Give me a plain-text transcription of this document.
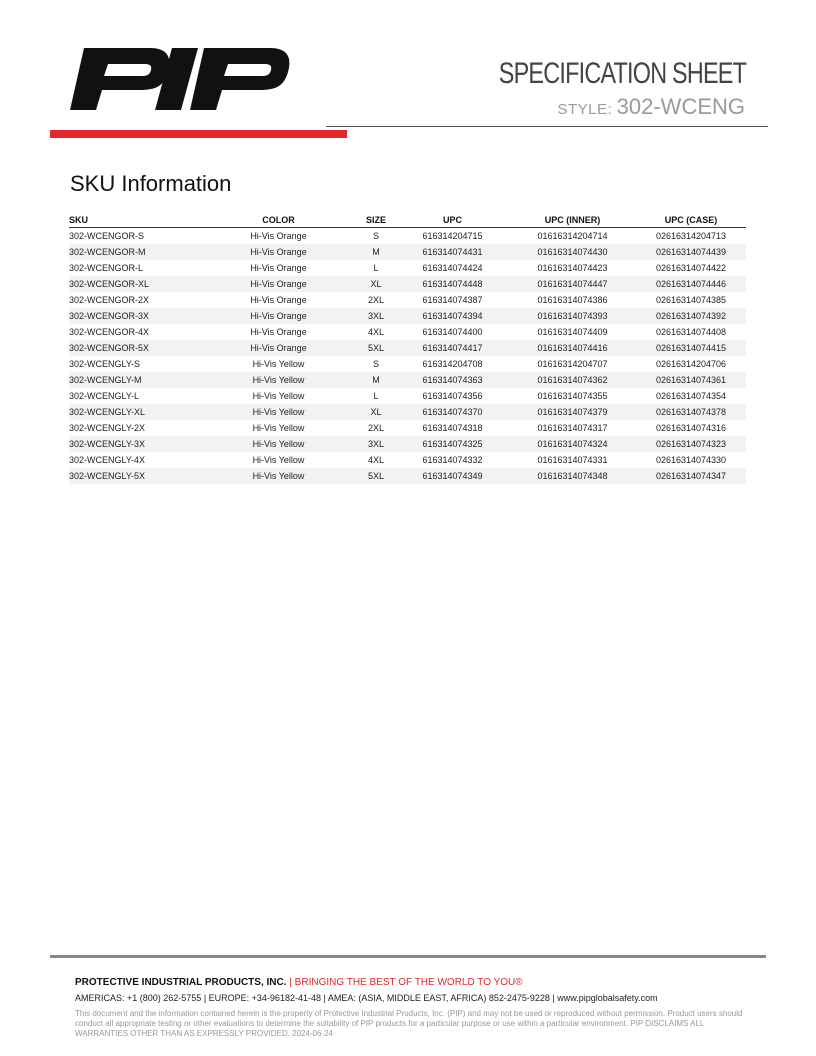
SPECIFICATION SHEET
STYLE: 302-WCENG
SKU Information
SKU	COLOR	SIZE	UPC	UPC (INNER)	UPC (CASE)
302-WCENGOR-S	Hi-Vis Orange	S	616314204715	01616314204714	02616314204713
302-WCENGOR-M	Hi-Vis Orange	M	616314074431	01616314074430	02616314074439
302-WCENGOR-L	Hi-Vis Orange	L	616314074424	01616314074423	02616314074422
302-WCENGOR-XL	Hi-Vis Orange	XL	616314074448	01616314074447	02616314074446
302-WCENGOR-2X	Hi-Vis Orange	2XL	616314074387	01616314074386	02616314074385
302-WCENGOR-3X	Hi-Vis Orange	3XL	616314074394	01616314074393	02616314074392
302-WCENGOR-4X	Hi-Vis Orange	4XL	616314074400	01616314074409	02616314074408
302-WCENGOR-5X	Hi-Vis Orange	5XL	616314074417	01616314074416	02616314074415
302-WCENGLY-S	Hi-Vis Yellow	S	616314204708	01616314204707	02616314204706
302-WCENGLY-M	Hi-Vis Yellow	M	616314074363	01616314074362	02616314074361
302-WCENGLY-L	Hi-Vis Yellow	L	616314074356	01616314074355	02616314074354
302-WCENGLY-XL	Hi-Vis Yellow	XL	616314074370	01616314074379	02616314074378
302-WCENGLY-2X	Hi-Vis Yellow	2XL	616314074318	01616314074317	02616314074316
302-WCENGLY-3X	Hi-Vis Yellow	3XL	616314074325	01616314074324	02616314074323
302-WCENGLY-4X	Hi-Vis Yellow	4XL	616314074332	01616314074331	02616314074330
302-WCENGLY-5X	Hi-Vis Yellow	5XL	616314074349	01616314074348	02616314074347
PROTECTIVE INDUSTRIAL PRODUCTS, INC. | BRINGING THE BEST OF THE WORLD TO YOU®
AMERICAS: +1 (800) 262-5755 | EUROPE: +34-96182-41-48 | AMEA: (ASIA, MIDDLE EAST, AFRICA) 852-2475-9228 | www.pipglobalsafety.com
This document and the information contained herein is the property of Protective Industrial Products, Inc. (PIP) and may not be used or reproduced without permission. Product users should conduct all appropriate testing or other evaluations to determine the suitability of PIP products for a particular purpose or use within a particular environment. PIP DISCLAIMS ALL WARRANTIES OTHER THAN AS EXPRESSLY PROVIDED. 2024-06-24
